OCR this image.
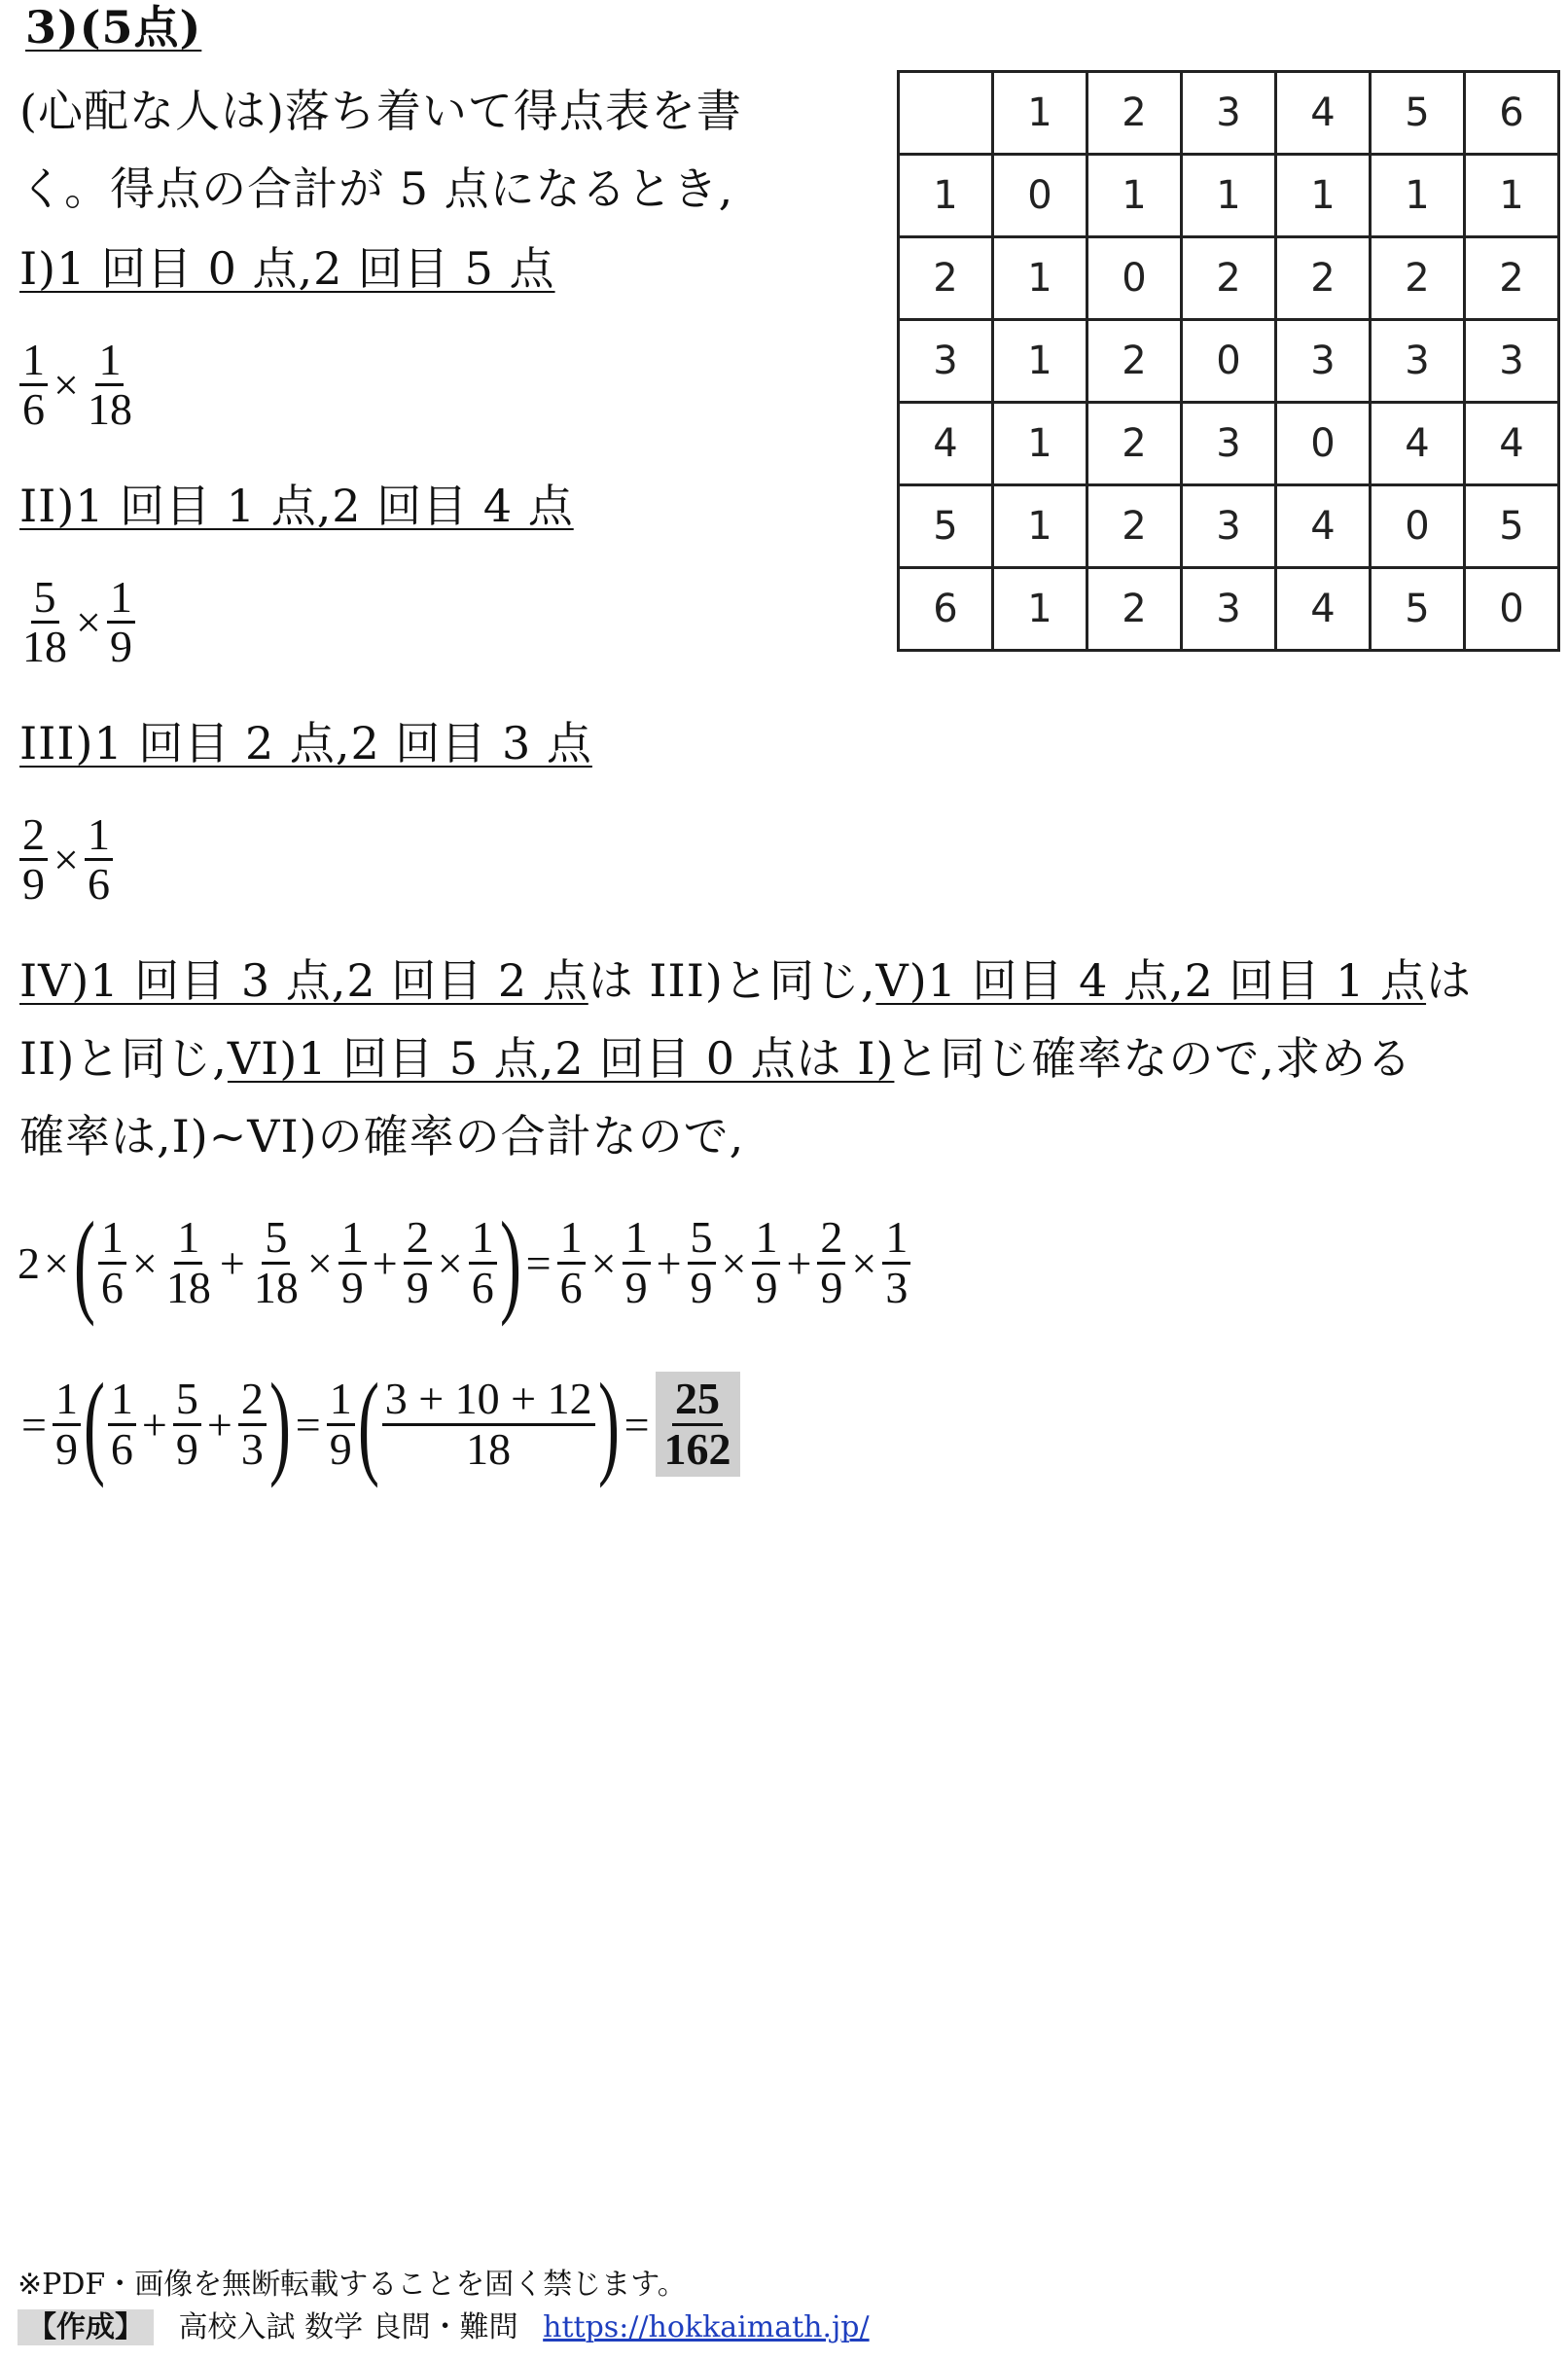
3)(5点)
(心配な人は)落ち着いて得点表を書
く。得点の合計が 5 点になるとき,
I)1 回目 0 点,2 回目 5 点
$\frac{1}{6} \times \frac{1}{18}$
II)1 回目 1 点,2 回目 4 点
$\frac{5}{18} \times \frac{1}{9}$
III)1 回目 2 点,2 回目 3 点
$\frac{2}{9} \times \frac{1}{6}$
	1	2	3	4	5	6
1	0	1	1	1	1	1
2	1	0	2	2	2	2
3	1	2	0	3	3	3
4	1	2	3	0	4	4
5	1	2	3	4	0	5
6	1	2	3	4	5	0
IV)1 回目 3 点,2 回目 2 点は III)と同じ,V)1 回目 4 点,2 回目 1 点は
II)と同じ,VI)1 回目 5 点,2 回目 0 点は I)と同じ確率なので,求める
確率は,I)~VI)の確率の合計なので,
2 × ( $\frac{1}{6} \times \frac{1}{18} + \frac{5}{18} \times \frac{1}{9} + \frac{2}{9} \times \frac{1}{6}$ ) = $\frac{1}{6} \times \frac{1}{9} + \frac{5}{9} \times \frac{1}{9} + \frac{2}{9} \times \frac{1}{3}$
= $\frac{1}{9}$ ( $\frac{1}{6} + \frac{5}{9} + \frac{2}{3}$ ) = $\frac{1}{9}$ ( $\frac{3 + 10 + 12}{18}$ ) = $\frac{25}{162}$
※PDF・画像を無断転載することを固く禁じます。
【作成】 高校入試 数学 良問・難問 https://hokkaimath.jp/
